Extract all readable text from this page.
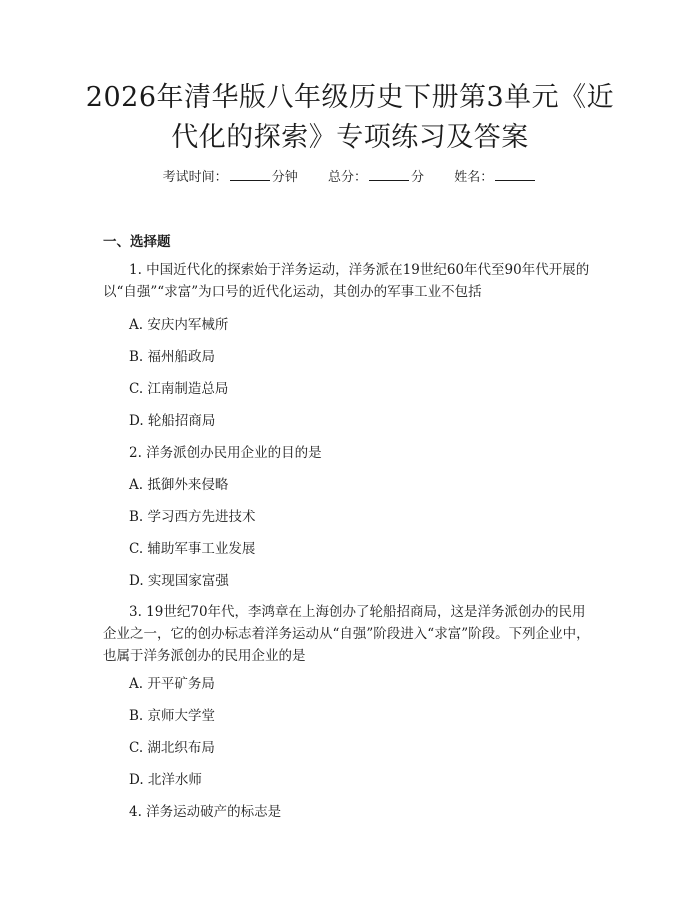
2026年清华版八年级历史下册第3单元《近代化的探索》专项练习及答案
考试时间：	分钟 总分：	分 姓名：

一、选择题

1. 中国近代化的探索始于洋务运动，洋务派在19世纪60年代至90年代开展的以“自强”“求富”为口号的近代化运动，其创办的军事工业不包括

A. 安庆内军械所

B. 福州船政局

C. 江南制造总局

D. 轮船招商局

2. 洋务派创办民用企业的目的是

A. 抵御外来侵略

B. 学习西方先进技术

C. 辅助军事工业发展

D. 实现国家富强

3. 19世纪70年代，李鸿章在上海创办了轮船招商局，这是洋务派创办的民用企业之一，它的创办标志着洋务运动从“自强”阶段进入“求富”阶段。下列企业中，也属于洋务派创办的民用企业的是

A. 开平矿务局

B. 京师大学堂

C. 湖北织布局

D. 北洋水师

4. 洋务运动破产的标志是
